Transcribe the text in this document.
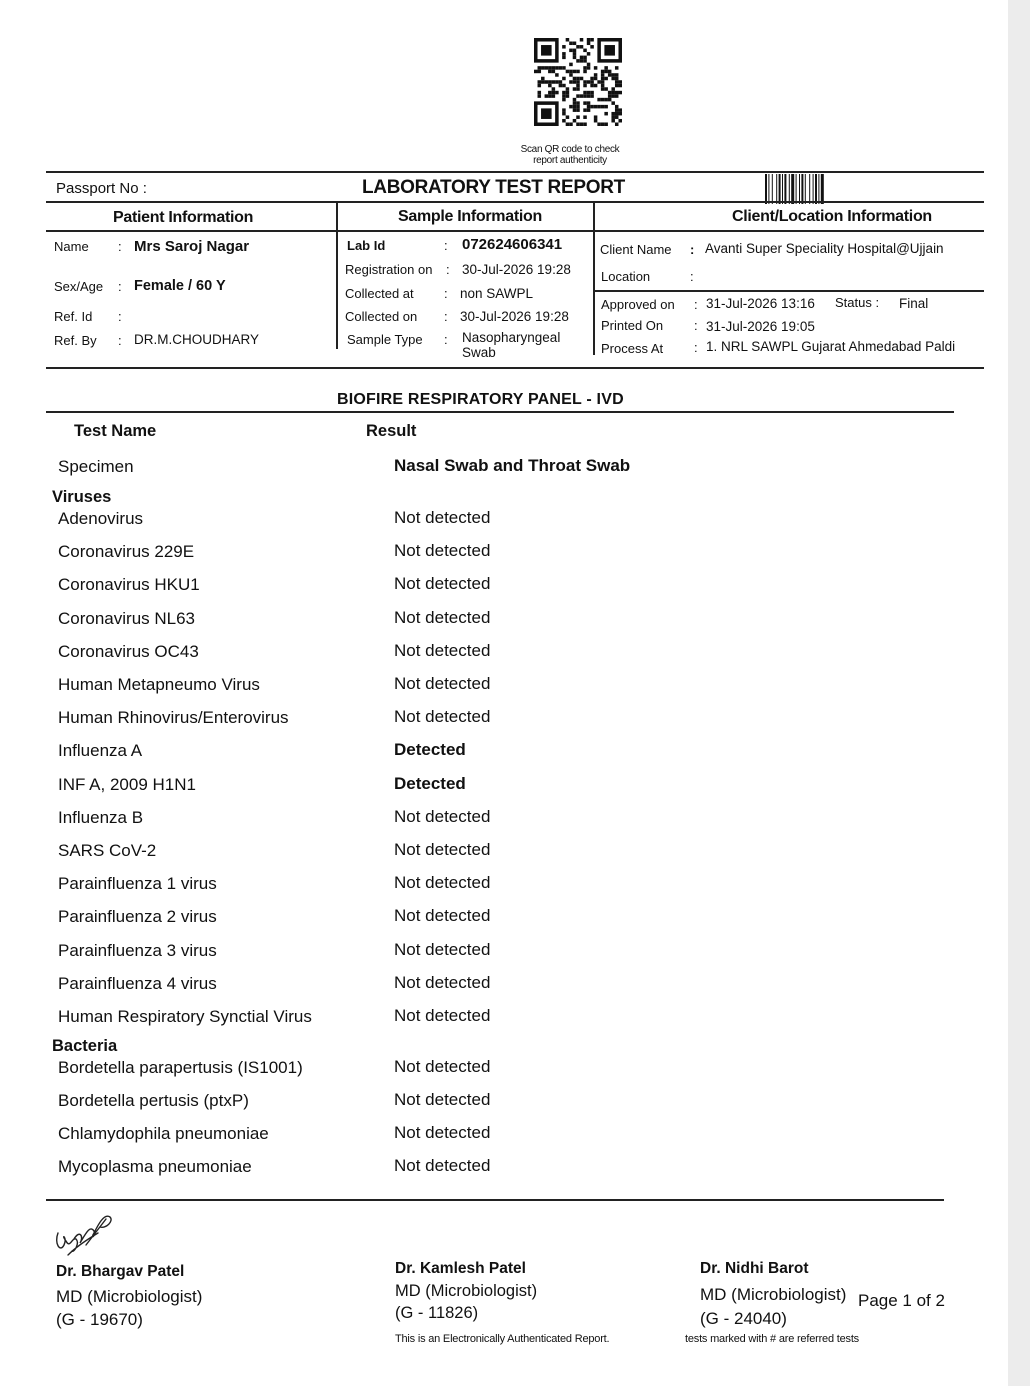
Scan QR code to check
report authenticity
Passport No :	LABORATORY TEST REPORT
Patient Information	Sample Information	Client/Location Information
Name : Mrs Saroj Nagar
Sex/Age : Female / 60 Y
Ref. Id :
Ref. By : DR.M.CHOUDHARY
Lab Id	: 072624606341
Registration on : 30-Jul-2026 19:28
Collected at : non SAWPL
Collected on : 30-Jul-2026 19:28
Sample Type : Nasopharyngeal
Swab
Client Name : Avanti Super Speciality Hospital@Ujjain
Location	:
Approved on : 31-Jul-2026 13:16 Status : Final
Printed On : 31-Jul-2026 19:05
Process At : 1. NRL SAWPL Gujarat Ahmedabad Paldi
BIOFIRE RESPIRATORY PANEL - IVD
Test Name	Result
Specimen	Nasal Swab and Throat Swab
Viruses
Adenovirus	Not detected
Coronavirus 229E	Not detected
Coronavirus HKU1	Not detected
Coronavirus NL63	Not detected
Coronavirus OC43	Not detected
Human Metapneumo Virus	Not detected
Human Rhinovirus/Enterovirus	Not detected
Influenza A	Detected
INF A, 2009 H1N1	Detected
Influenza B	Not detected
SARS CoV-2	Not detected
Parainfluenza 1 virus	Not detected
Parainfluenza 2 virus	Not detected
Parainfluenza 3 virus	Not detected
Parainfluenza 4 virus	Not detected
Human Respiratory Synctial Virus	Not detected
Bacteria
Bordetella parapertusis (IS1001)	Not detected
Bordetella pertusis (ptxP)	Not detected
Chlamydophila pneumoniae	Not detected
Mycoplasma pneumoniae	Not detected
Dr. Bhargav Patel
MD (Microbiologist)
(G - 19670)
Dr. Kamlesh Patel
MD (Microbiologist)
(G - 11826)
Dr. Nidhi Barot
MD (Microbiologist)
(G - 24040)
Page 1 of 2
This is an Electronically Authenticated Report.	tests marked with # are referred tests
